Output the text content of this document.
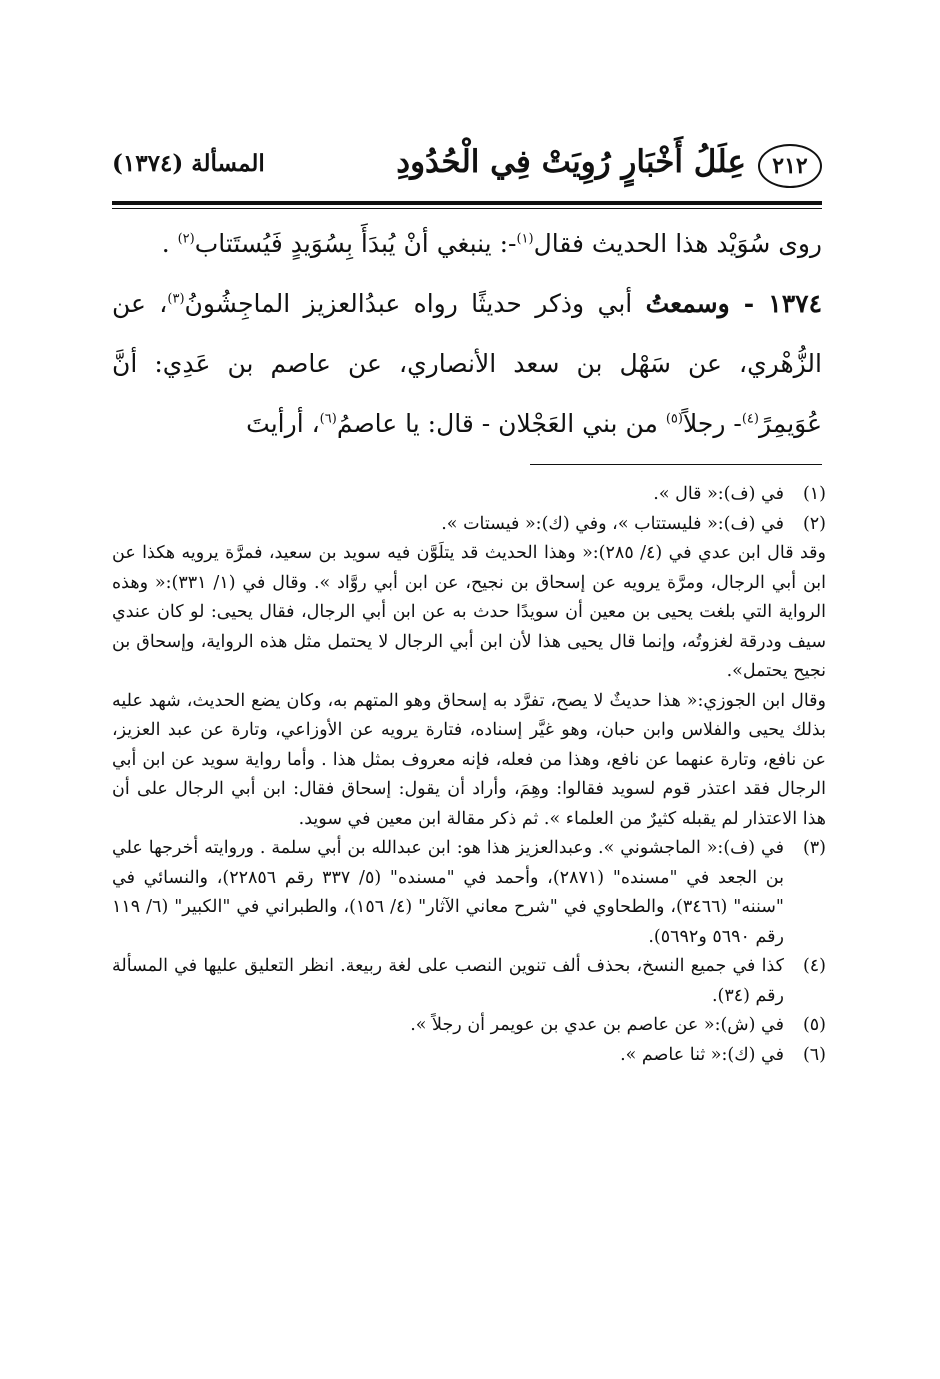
٢١٢
عِلَلُ أَخْبَارٍ رُوِيَتْ فِي الْحُدُودِ
المسألة (١٣٧٤)

روى سُوَيْد هذا الحديث فقال$^{(١)}$-: ينبغي أنْ يُبدَأَ بِسُوَيدٍ فَيُستَتاب$^{(٢)}$ .

١٣٧٤ - وسمعتُ أبي وذكر حديثًا رواه عبدُالعزيز الماجِشُونُ$^{(٣)}$، عن الزُّهْري، عن سَهْل بن سعد الأنصاري، عن عاصم بن عَدِي: أنَّ عُوَيمِرً$^{(٤)}$- رجلاً$^{(٥)}$ من بني العَجْلان - قال: يا عاصمُ$^{(٦)}$، أرأيتَ

(١)

في (ف):« قال ».

(٢)

في (ف):« فليستتاب »، وفي (ك):« فيستات ».

وقد قال ابن عدي في (٤/ ٢٨٥):« وهذا الحديث قد يتلَوَّن فيه سويد بن سعيد، فمرَّة يرويه هكذا عن ابن أبي الرجال، ومرَّة يرويه عن إسحاق بن نجيح، عن ابن أبي روَّاد ». وقال في (١/ ٣٣١):« وهذه الرواية التي بلغت يحيى بن معين أن سويدًا حدث به عن ابن أبي الرجال، فقال يحيى: لو كان عندي سيف ودرقة لغزوتُه، وإنما قال يحيى هذا لأن ابن أبي الرجال لا يحتمل مثل هذه الرواية، وإسحاق بن نجيح يحتمل».

وقال ابن الجوزي:« هذا حديثٌ لا يصح، تفرَّد به إسحاق وهو المتهم به، وكان يضع الحديث، شهد عليه بذلك يحيى والفلاس وابن حبان، وهو غيَّر إسناده، فتارة يرويه عن الأوزاعي، وتارة عن عبد العزيز، عن نافع، وتارة عنهما عن نافع، وهذا من فعله، فإنه معروف بمثل هذا . وأما رواية سويد عن ابن أبي الرجال فقد اعتذر قوم لسويد فقالوا: وهِمَ، وأراد أن يقول: إسحاق فقال: ابن أبي الرجال على أن هذا الاعتذار لم يقبله كثيرٌ من العلماء ». ثم ذكر مقالة ابن معين في سويد.

(٣)

في (ف):« الماجشوني ». وعبدالعزيز هذا هو: ابن عبدالله بن أبي سلمة . وروايته أخرجها علي بن الجعد في "مسنده" (٢٨٧١)، وأحمد في "مسنده" (٥/ ٣٣٧ رقم ٢٢٨٥٦)، والنسائي في "سننه" (٣٤٦٦)، والطحاوي في "شرح معاني الآثار" (٤/ ١٥٦)، والطبراني في "الكبير" (٦/ ١١٩ رقم ٥٦٩٠ و٥٦٩٢).

(٤)

كذا في جميع النسخ، بحذف ألف تنوين النصب على لغة ربيعة. انظر التعليق عليها في المسألة رقم (٣٤).

(٥)

في (ش):« عن عاصم بن عدي بن عويمر أن رجلاً ».

(٦)

في (ك):« ثنا عاصم ».
